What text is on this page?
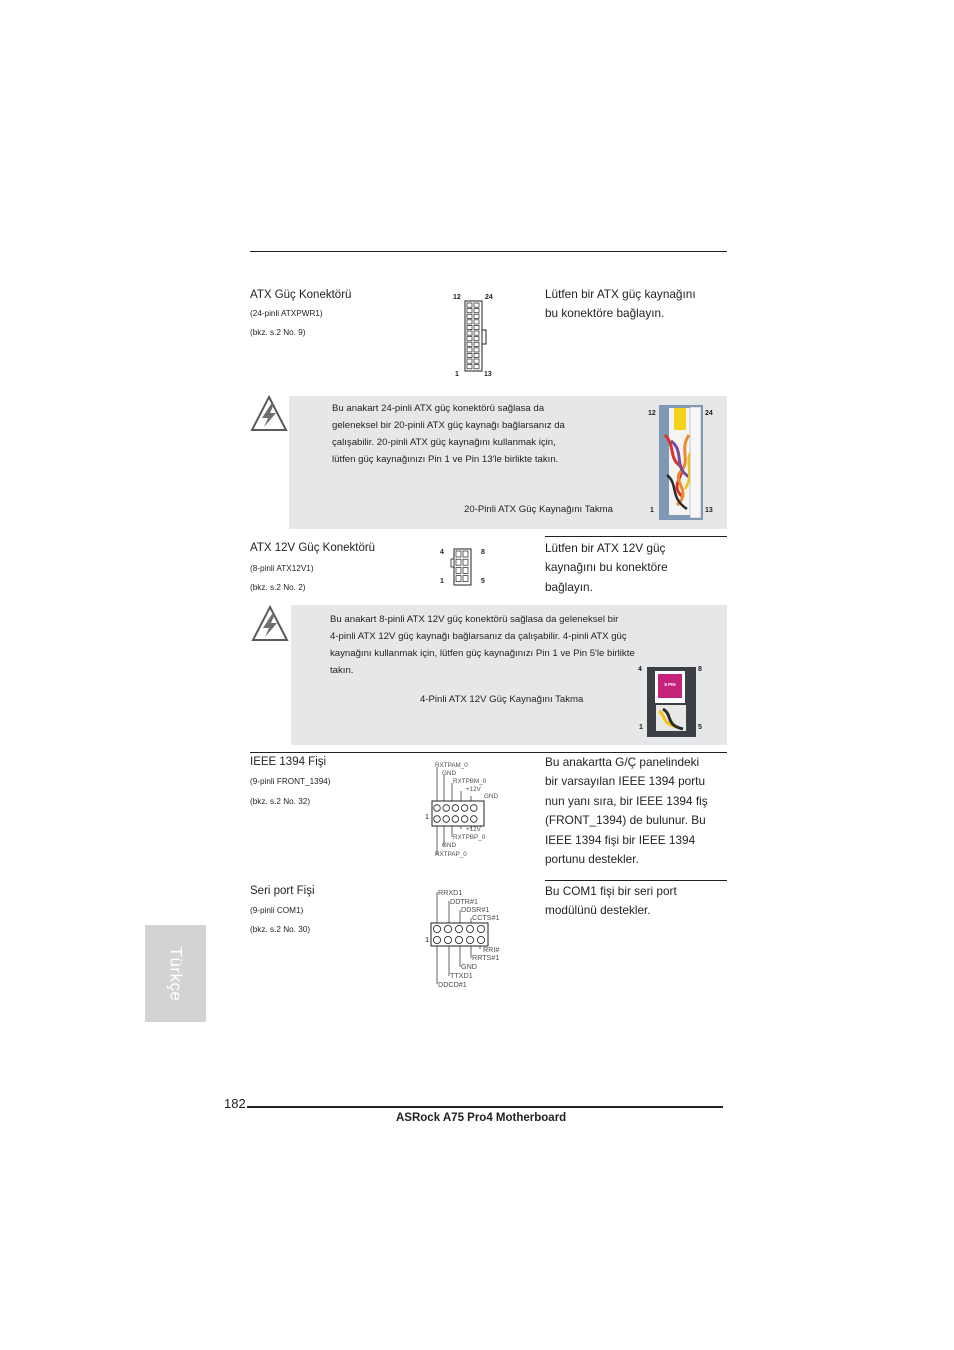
ATX Güç Konektörü
(24-pinli ATXPWR1)
(bkz. s.2 No. 9)
12	24
1	13
Lütfen bir ATX güç kaynağını
bu konektöre bağlayın.
Bu anakart 24-pinli ATX güç konektörü sağlasa da
geleneksel bir 20-pinli ATX güç kaynağı bağlarsanız da
çalışabilir. 20-pinli ATX güç kaynağını kullanmak için,
lütfen güç kaynağınızı Pin 1 ve Pin 13'le birlikte takın.
20-Pinli ATX Güç Kaynağını Takma
12	24
1	13
ATX 12V Güç Konektörü
(8-pinli ATX12V1)
(bkz. s.2 No. 2)
4	8
1	5
Lütfen bir ATX 12V güç
kaynağını bu konektöre
bağlayın.
Bu anakart 8-pinli ATX 12V güç konektörü sağlasa da geleneksel bir
4-pinli ATX 12V güç kaynağı bağlarsanız da çalışabilir. 4-pinli ATX güç
kaynağını kullanmak için, lütfen güç kaynağınızı Pin 1 ve Pin 5'le birlikte
takın.
4-Pinli ATX 12V Güç Kaynağını Takma
8 PIN
4	8
1	5
IEEE 1394 Fişi
(9-pinli FRONT_1394)
(bkz. s.2 No. 32)
RXTPAM_0
GND
RXTPBM_0
+12V
GND
+12V
RXTPBP_0
GND
RXTPAP_0
1
Bu anakartta G/Ç panelindeki
bir varsayılan IEEE 1394 portu
nun yanı sıra, bir IEEE 1394 fiş
(FRONT_1394) de bulunur. Bu
IEEE 1394 fişi bir IEEE 1394
portunu destekler.
Seri port Fişi
(9-pinli COM1)
(bkz. s.2 No. 30)
RRXD1
DDTR#1
DDSR#1
CCTS#1
RRI#
RRTS#1
GND
TTXD1
DDCD#1
1
Bu COM1 fişi bir seri port
modülünü destekler.
Türkçe
182
ASRock A75 Pro4 Motherboard
